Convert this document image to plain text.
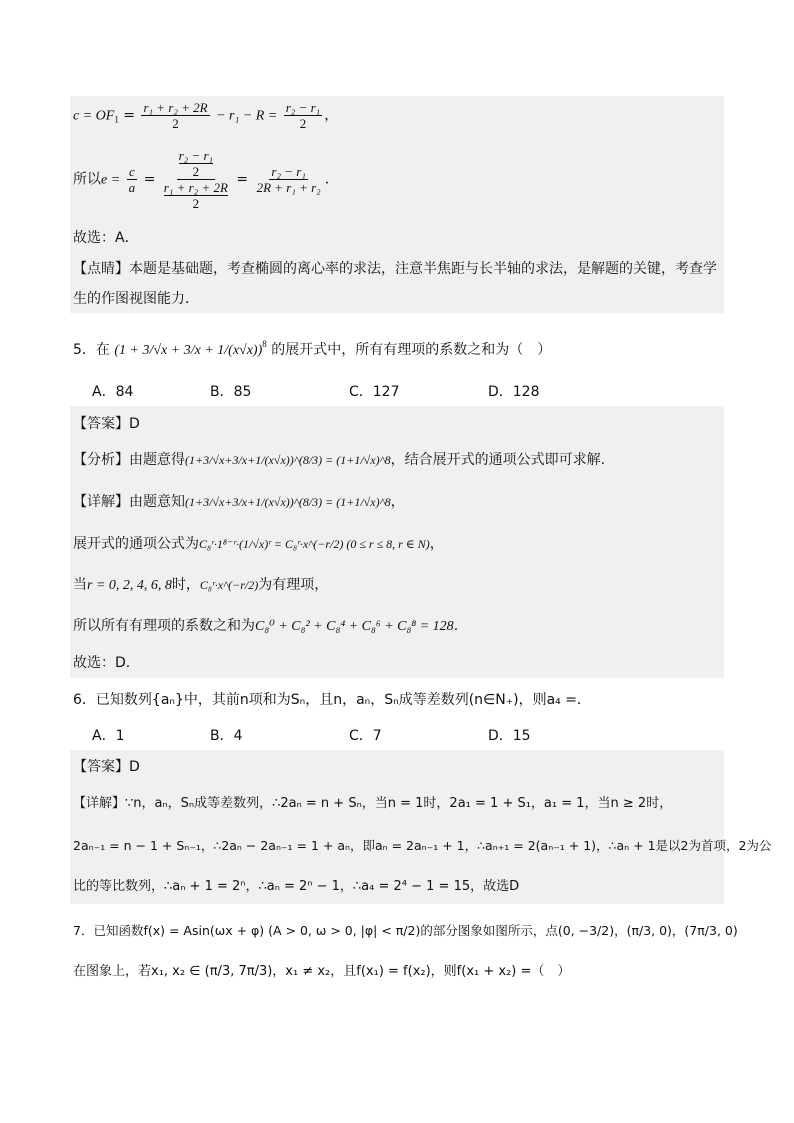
$c = OF_1 = \frac{\text{r₁ + r₂ + 2R}}{2} - r_1 - R = \frac{\text{r₂ − r₁}}{2}$ ，
所以$e = \frac{c}{a} = r_2 - r_1$
2
r₁ + r₂ + 2R
$2 = \frac{\text{r₂ − r₁}}{\text{2R + r₁ + r₂}}$ ．
故选：A．
【点睛】本题是基础题，考查椭圆的离心率的求法，注意半焦距与长半轴的求法，是解题的关键，考查学
生的作图视图能力．
5．在 $(1 + 3/√x + 3/x + 1/(x√x))^8$ 的展开式中，所有有理项的系数之和为（　）
A．84	B．85	C．127	D．128
【答案】D
【分析】由题意得(1+3/√x+3/x+1/(x√x))^(8/3) = (1+1/√x)^8，结合展开式的通项公式即可求解.
【详解】由题意知(1+3/√x+3/x+1/(x√x))^(8/3) = (1+1/√x)^8，
展开式的通项公式为C₈ʳ·1⁸⁻ʳ·(1/√x)ʳ = C₈ʳ·x^(−r/2) (0 ≤ r ≤ 8, r ∈ N)，
当r = 0, 2, 4, 6, 8时，C₈ʳ·x^(−r/2)为有理项，
所以所有有理项的系数之和为C₈⁰ + C₈² + C₈⁴ + C₈⁶ + C₈⁸ = 128.
故选：D.
6．已知数列{aₙ}中，其前n项和为Sₙ，且n，aₙ，Sₙ成等差数列(n∈N₊)，则a₄ =．
A．1	B．4	C．7	D．15
【答案】D
【详解】∵n，aₙ，Sₙ成等差数列，∴2aₙ = n + Sₙ，当n = 1时，2a₁ = 1 + S₁，a₁ = 1，当n ≥ 2时，
2aₙ₋₁ = n − 1 + Sₙ₋₁，∴2aₙ − 2aₙ₋₁ = 1 + aₙ，即aₙ = 2aₙ₋₁ + 1，∴aₙ₊₁ = 2(aₙ₋₁ + 1)，∴aₙ + 1是以2为首项，2为公
比的等比数列，∴aₙ + 1 = 2ⁿ，∴aₙ = 2ⁿ − 1，∴a₄ = 2⁴ − 1 = 15，故选D
7．已知函数f(x) = Asin(ωx + φ) (A > 0, ω > 0, |φ| < π/2)的部分图象如图所示，点(0, −3/2)，(π/3, 0)，(7π/3, 0)
在图象上，若x₁, x₂ ∈ (π/3, 7π/3)，x₁ ≠ x₂，且f(x₁) = f(x₂)，则f(x₁ + x₂) =（　）
